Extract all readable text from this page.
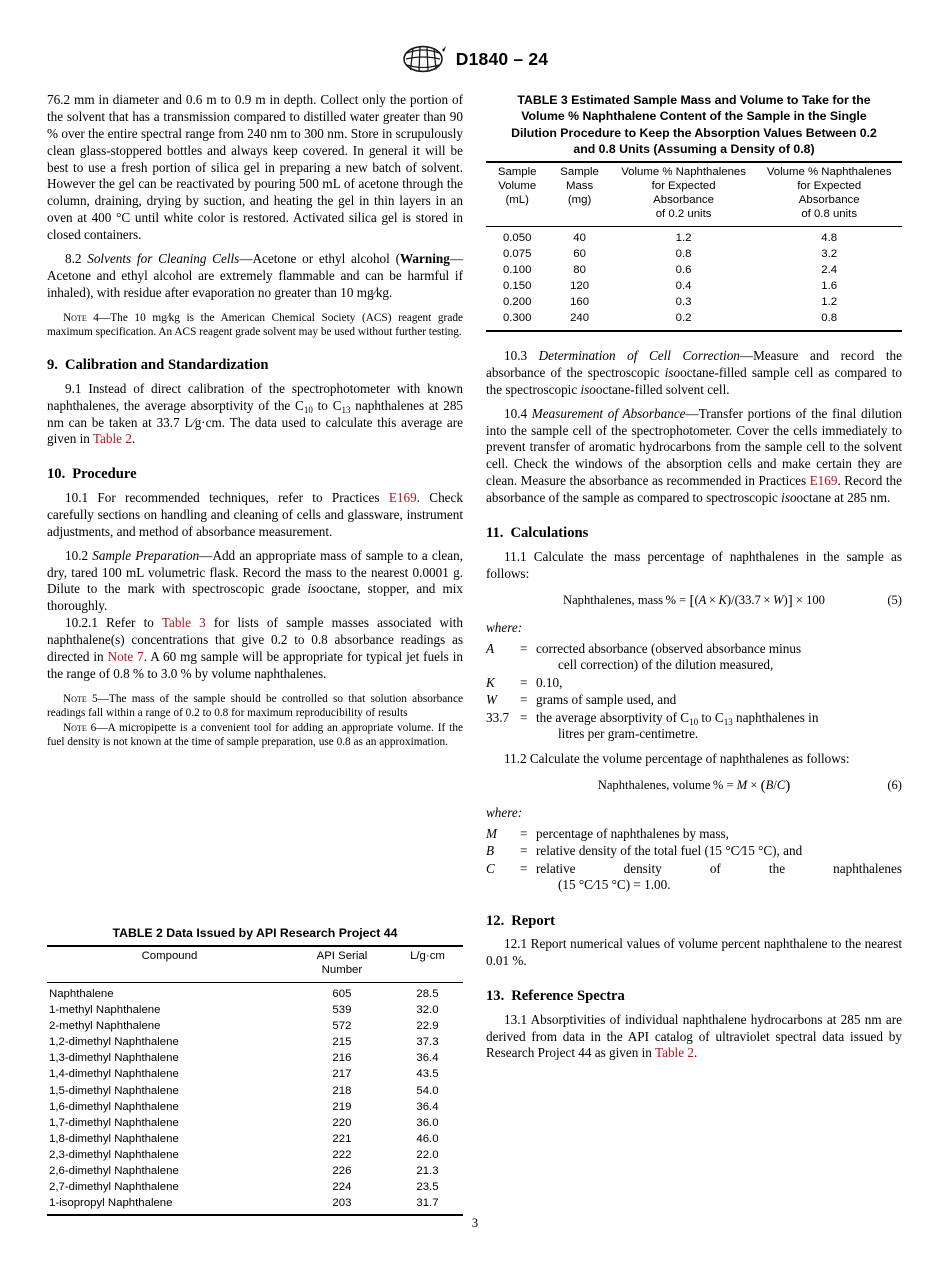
D1840 – 24

76.2 mm in diameter and 0.6 m to 0.9 m in depth. Collect only the portion of the solvent that has a transmission compared to distilled water greater than 90 % over the entire spectral range from 240 nm to 300 nm. Store in scrupulously clean glass-stoppered bottles and always keep covered. In general it will be best to use a fresh portion of silica gel in preparing a new batch of solvent. However the gel can be reactivated by pouring 500 mL of acetone through the column, draining, drying by suction, and heating the gel in thin layers in an oven at 400 °C until white color is restored. Activated silica gel is stored in closed containers.

8.2 Solvents for Cleaning Cells—Acetone or ethyl alcohol (Warning—Acetone and ethyl alcohol are extremely flammable and can be harmful if inhaled), with residue after evaporation no greater than 10 mg⁄kg.

Note 4—The 10 mg⁄kg is the American Chemical Society (ACS) reagent grade maximum specification. An ACS reagent grade solvent may be used without further testing.

9. Calibration and Standardization

9.1 Instead of direct calibration of the spectrophotometer with known naphthalenes, the average absorptivity of the $C_{10}$ to $C_{13}$ naphthalenes at 285 nm can be taken at 33.7 L⁄g·cm. The data used to calculate this average are given in Table 2.

10. Procedure

10.1 For recommended techniques, refer to Practices E169. Check carefully sections on handling and cleaning of cells and glassware, instrument adjustments, and method of absorbance measurement.

10.2 Sample Preparation—Add an appropriate mass of sample to a clean, dry, tared 100 mL volumetric flask. Record the mass to the nearest 0.0001 g. Dilute to the mark with spectroscopic grade isooctane, stopper, and mix thoroughly.

10.2.1 Refer to Table 3 for lists of sample masses associated with naphthalene(s) concentrations that give 0.2 to 0.8 absorbance readings as directed in Note 7. A 60 mg sample will be appropriate for typical jet fuels in the range of 0.8 % to 3.0 % by volume naphthalenes.

Note 5—The mass of the sample should be controlled so that solution absorbance readings fall within a range of 0.2 to 0.8 for maximum reproducibility of results

Note 6—A micropipette is a convenient tool for adding an appropriate volume. If the fuel density is not known at the time of sample preparation, use 0.8 as an approximation.

TABLE 2 Data Issued by API Research Project 44
Compound	API Serial
Number	L/g·cm

Naphthalene	605	28.5
1-methyl Naphthalene	539	32.0
2-methyl Naphthalene	572	22.9
1,2-dimethyl Naphthalene	215	37.3
1,3-dimethyl Naphthalene	216	36.4
1,4-dimethyl Naphthalene	217	43.5
1,5-dimethyl Naphthalene	218	54.0
1,6-dimethyl Naphthalene	219	36.4
1,7-dimethyl Naphthalene	220	36.0
1,8-dimethyl Naphthalene	221	46.0
2,3-dimethyl Naphthalene	222	22.0
2,6-dimethyl Naphthalene	226	21.3
2,7-dimethyl Naphthalene	224	23.5
1-isopropyl Naphthalene	203	31.7
TABLE 3 Estimated Sample Mass and Volume to Take for the
Volume % Naphthalene Content of the Sample in the Single
Dilution Procedure to Keep the Absorption Values Between 0.2
and 0.8 Units (Assuming a Density of 0.8)
Sample
Volume
(mL)	Sample
Mass
(mg)	Volume % Naphthalenes
for Expected
Absorbance
of 0.2 units	Volume % Naphthalenes
for Expected
Absorbance
of 0.8 units

0.050	40	1.2	4.8
0.075	60	0.8	3.2
0.100	80	0.6	2.4
0.150	120	0.4	1.6
0.200	160	0.3	1.2
0.300	240	0.2	0.8

10.3 Determination of Cell Correction—Measure and record the absorbance of the spectroscopic isooctane-filled sample cell as compared to the spectroscopic isooctane-filled solvent cell.

10.4 Measurement of Absorbance—Transfer portions of the final dilution into the sample cell of the spectrophotometer. Cover the cells immediately to prevent transfer of aromatic hydrocarbons from the sample cell to the solvent cell. Check the windows of the absorption cells and make certain they are clean. Measure the absorbance as recommended in Practices E169. Record the absorbance of the sample as compared to spectroscopic isooctane at 285 nm.

11. Calculations

11.1 Calculate the mass percentage of naphthalenes in the sample as follows:

Naphthalenes, mass % = [(A × K)/(33.7 × W)] × 100	(5)
where:
A	=	corrected absorbance (observed absorbance minus
cell correction) of the dilution measured,

K	=	0.10,
W	=	grams of sample used, and
33.7	=	the average absorptivity of $C_{10}$ to $C_{13}$ naphthalenes in
litres per gram-centimetre.

11.2 Calculate the volume percentage of naphthalenes as follows:

Naphthalenes, volume % = M × (B/C)	(6)
where:
M	=	percentage of naphthalenes by mass,
B	=	relative density of the total fuel (15 °C⁄15 °C), and
C	=	relative density of the naphthalenes
(15 °C⁄15 °C) = 1.00.
12. Report

12.1 Report numerical values of volume percent naphthalene to the nearest 0.01 %.

13. Reference Spectra

13.1 Absorptivities of individual naphthalene hydrocarbons at 285 nm are derived from data in the API catalog of ultraviolet spectral data issued by Research Project 44 as given in Table 2.

3
